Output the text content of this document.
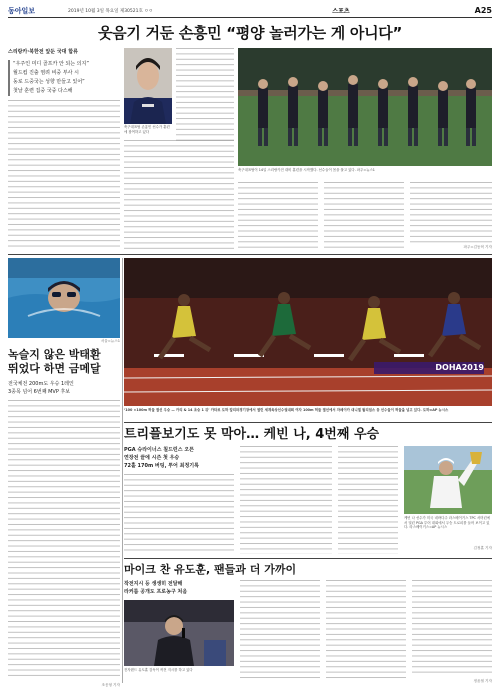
동아일보	2019년 10월 3일 목요일 제30521호 ㅇㅇ	스포츠	A25
웃음기 거둔 손흥민 “평양 놀러가는 게 아니다”
스리랑카·북한전 앞둔 국대 합류
“우주인 미디 골프카 안 되는 의지”
월드컵 진출 염려 비중 부사 시
동로 드중국는 성향 만들고 있어”
첫날 훈련 집중 국중 다스해
축구대표팀 손흥민 선수가 훈련에 참여하고 있다
축구대표팀이 14일 스리랑카전 대비 훈련을 시작했다. 선수들이 몸을 풀고 있다. 파주=뉴스1
파주=김동혁 기자
서울=뉴스1
녹슬지 않은 박태환
뛰었다 하면 금메달
전국체전 200m도 우승 1레인
3종목 넘어 6번째 MVP 후보
조응형 기자
DOHA2019
‘100 ×100m 허들 결선 우승 — 카리 & 14 초승 1 위’ 카타르 도하 칼리파경기장에서 열린 세계육상선수권대회 여자 100m 허들 결선에서 자메이카 대니엘 윌리엄스 등 선수들이 허들을 넘고 있다. 도하=AP 뉴시스
트리플보기도 못 막아… 케빈 나, 4번째 우승
PGA 슈라이너스 칠드런스 오픈
연장전 끝에 시즌 첫 우승
72홀 170m 버팅, 투어 최정기록
케빈 나 선수가 미국 네바다주 라스베이거스 TPC 서머린에서 열린 PGA 투어 대회에서 우승 트로피를 들어 보이고 있다. 라스베이거스=AP 뉴시스
김정훈 기자
마이크 찬 유도훈, 팬들과 더 가까이
작전지시 등 생생히 전달해
라커룸 공개도 프로농구 처음
전자랜드 유도훈 감독이 작전 지시를 하고 있다
정윤철 기자
